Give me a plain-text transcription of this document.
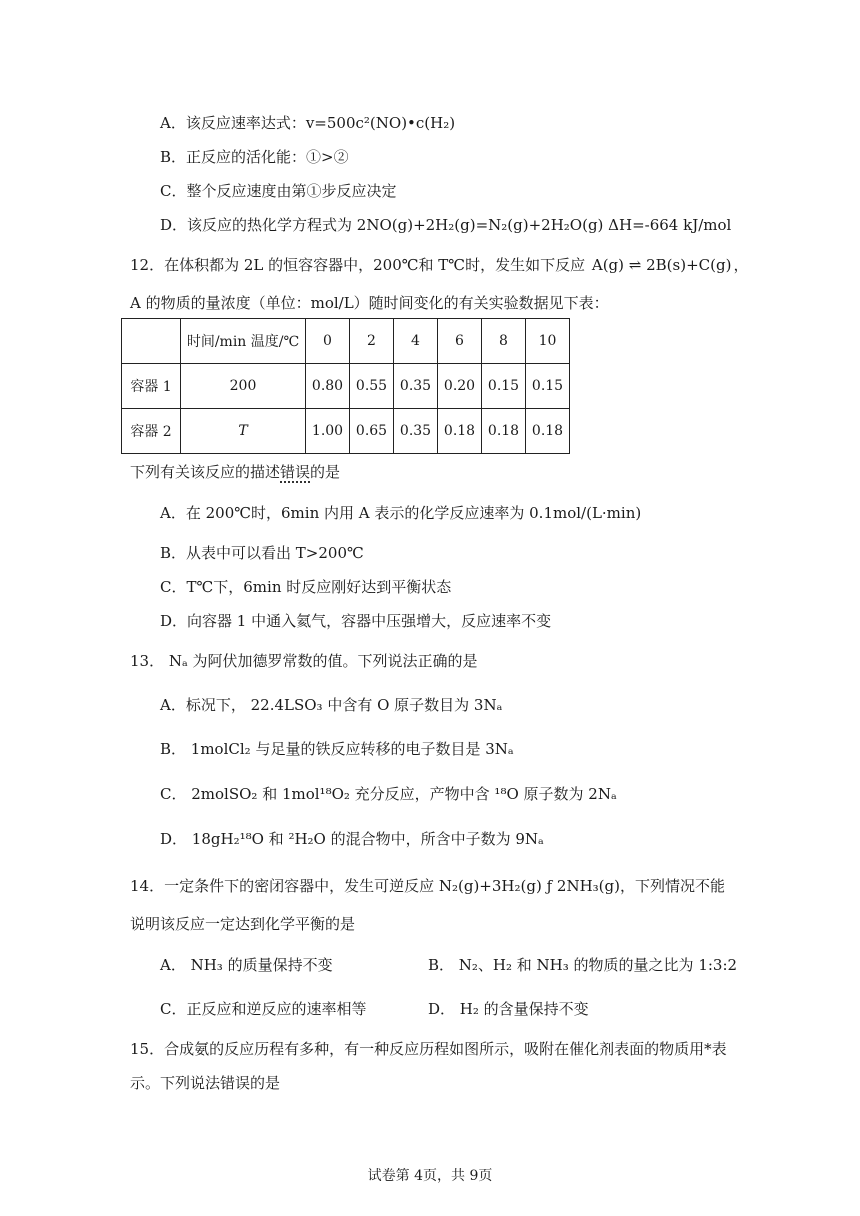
A．该反应速率达式：v=500c²(NO)•c(H₂)
B．正反应的活化能：①>②
C．整个反应速度由第①步反应决定
D．该反应的热化学方程式为 2NO(g)+2H₂(g)=N₂(g)+2H₂O(g) ΔH=-664 kJ/mol
12．在体积都为 2L 的恒容容器中，200℃和 T℃时，发生如下反应 A(g) ⇌ 2B(s)+C(g) ，
A 的物质的量浓度（单位：mol/L）随时间变化的有关实验数据见下表：
	时间/min 温度/℃	0	2	4	6	8	10
容器 1	200	0.80	0.55	0.35	0.20	0.15	0.15
容器 2	T	1.00	0.65	0.35	0.18	0.18	0.18
下列有关该反应的描述错误的是
A．在 200℃时，6min 内用 A 表示的化学反应速率为 0.1mol/(L·min)
B．从表中可以看出 T>200℃
C．T℃下，6min 时反应刚好达到平衡状态
D．向容器 1 中通入氦气，容器中压强增大，反应速率不变
13． Nₐ 为阿伏加德罗常数的值。下列说法正确的是
A．标况下， 22.4LSO₃ 中含有 O 原子数目为 3Nₐ
B． 1molCl₂ 与足量的铁反应转移的电子数目是 3Nₐ
C． 2molSO₂ 和 1mol¹⁸O₂ 充分反应，产物中含 ¹⁸O 原子数为 2Nₐ
D． 18gH₂¹⁸O 和 ²H₂O 的混合物中，所含中子数为 9Nₐ
14．一定条件下的密闭容器中，发生可逆反应 N₂(g)+3H₂(g) ƒ 2NH₃(g)，下列情况不能
说明该反应一定达到化学平衡的是
A． NH₃ 的质量保持不变	B． N₂、H₂ 和 NH₃ 的物质的量之比为 1:3:2
C．正反应和逆反应的速率相等	D． H₂ 的含量保持不变
15．合成氨的反应历程有多种，有一种反应历程如图所示，吸附在催化剂表面的物质用*表
示。下列说法错误的是
试卷第 4页，共 9页
